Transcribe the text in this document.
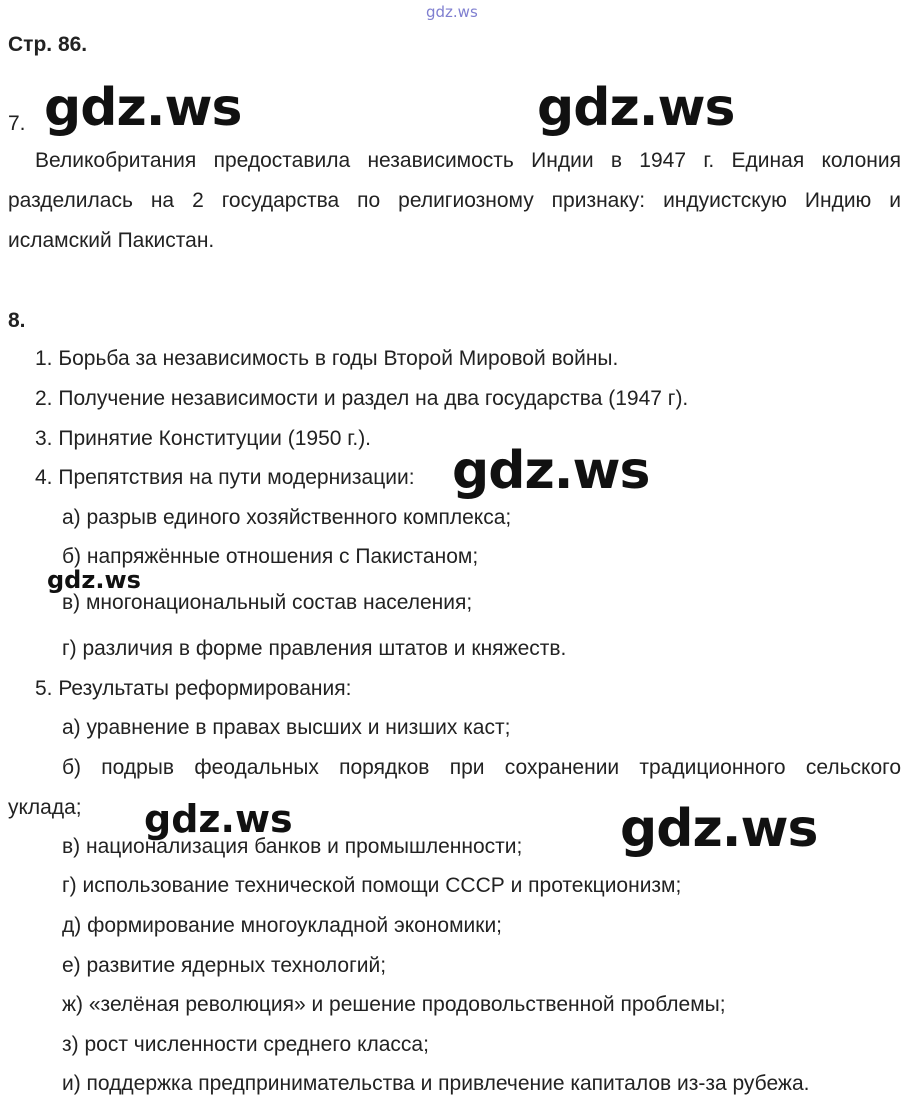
gdz.ws
Стр. 86.
7. gdz.ws	gdz.ws
Великобритания предоставила независимость Индии в 1947 г. Единая колония
разделилась на 2 государства по религиозному признаку: индуистскую Индию и
исламский Пакистан.
8.
1. Борьба за независимость в годы Второй Мировой войны.
2. Получение независимости и раздел на два государства (1947 г).
3. Принятие Конституции (1950 г.).
4. Препятствия на пути модернизации: gdz.ws
а) разрыв единого хозяйственного комплекса;
б) напряжённые отношения с Пакистаном;
gdz.ws
в) многонациональный состав населения;
г) различия в форме правления штатов и княжеств.
5. Результаты реформирования:
а) уравнение в правах высших и низших каст;
б) подрыв феодальных порядков при сохранении традиционного сельского
уклада; gdz.ws	gdz.ws
в) национализация банков и промышленности;
г) использование технической помощи СССР и протекционизм;
д) формирование многоукладной экономики;
е) развитие ядерных технологий;
ж) «зелёная революция» и решение продовольственной проблемы;
з) рост численности среднего класса;
и) поддержка предпринимательства и привлечение капиталов из-за рубежа.
